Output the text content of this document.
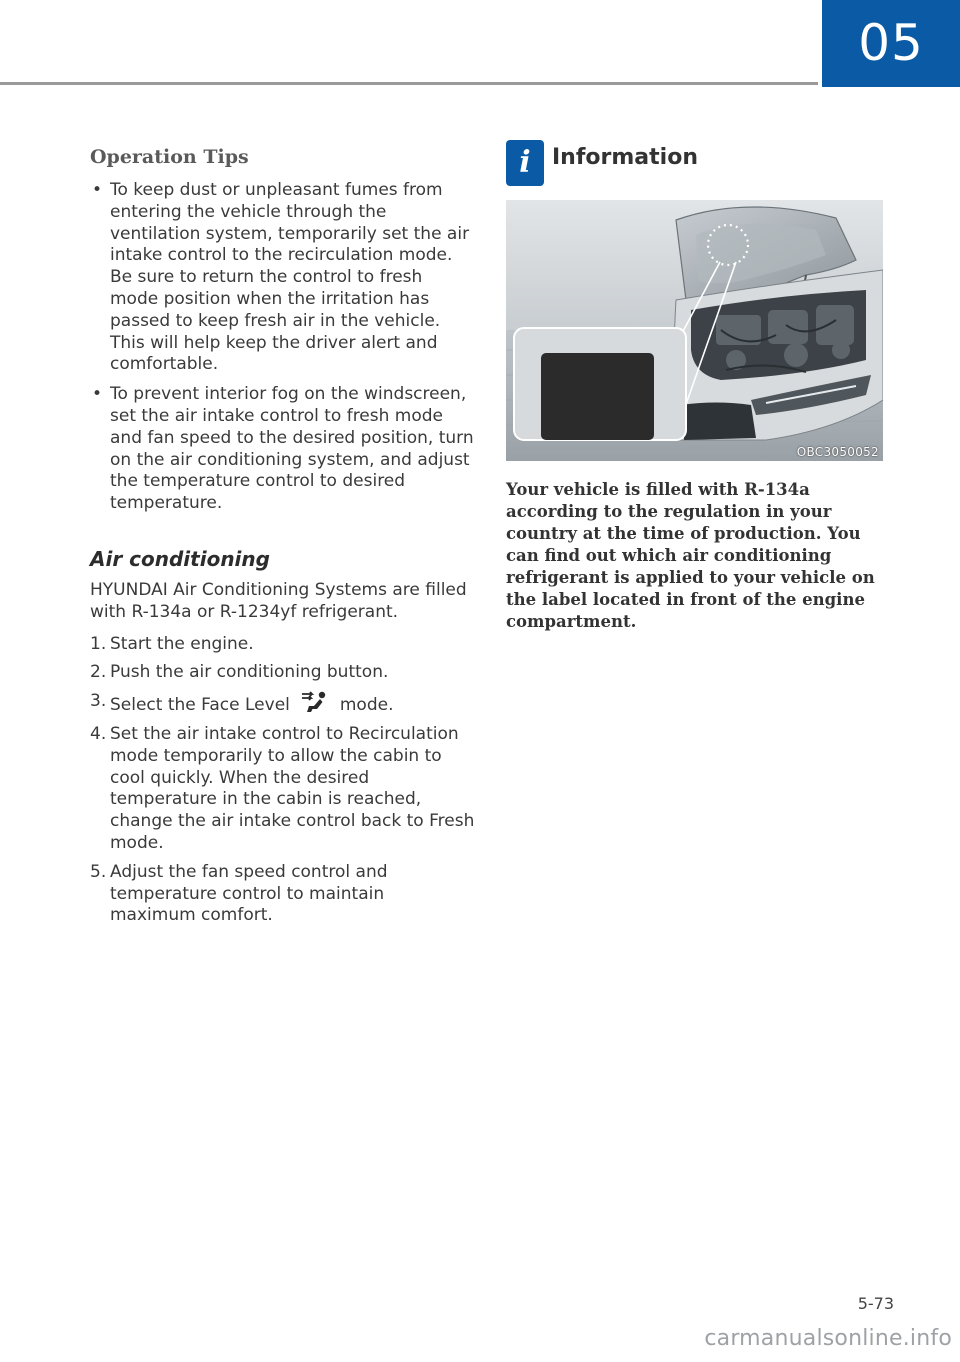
05
Operation Tips
• To keep dust or unpleasant fumes from entering the vehicle through the ventilation system, temporarily set the air intake control to the recirculation mode. Be sure to return the control to fresh mode position when the irritation has passed to keep fresh air in the vehicle. This will help keep the driver alert and comfortable.
• To prevent interior fog on the windscreen, set the air intake control to fresh mode and fan speed to the desired position, turn on the air conditioning system, and adjust the temperature control to desired temperature.
Air conditioning

HYUNDAI Air Conditioning Systems are filled with R-134a or R-1234yf refrigerant.

1. Start the engine.
2. Push the air conditioning button.
3. Select the Face Level	mode.
4. Set the air intake control to Recirculation mode temporarily to allow the cabin to cool quickly. When the desired temperature in the cabin is reached, change the air intake control back to Fresh mode.
5. Adjust the fan speed control and temperature control to maintain maximum comfort.
i Information
OBC3050052
Your vehicle is filled with R-134a according to the regulation in your country at the time of production. You can find out which air conditioning refrigerant is applied to your vehicle on the label located in front of the engine compartment.
5-73
carmanualsonline.info
